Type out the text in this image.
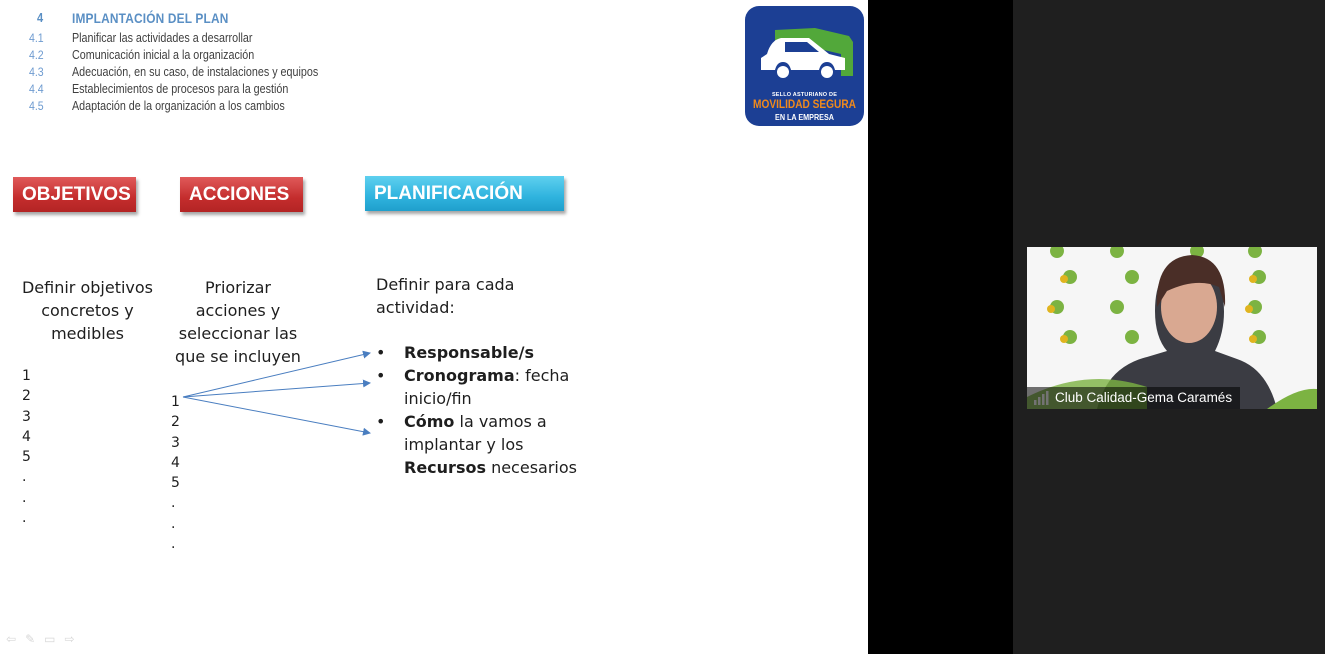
4 IMPLANTACIÓN DEL PLAN
4.1 Planificar las actividades a desarrollar
4.2 Comunicación inicial a la organización
4.3 Adecuación, en su caso, de instalaciones y equipos
4.4 Establecimientos de procesos para la gestión
4.5 Adaptación de la organización a los cambios
SELLO ASTURIANO DE
MOVILIDAD SEGURA
EN LA EMPRESA
OBJETIVOS	ACCIONES	PLANIFICACIÓN
Definir objetivos
concretos y
medibles
1
2
3
4
5
.
.
.
Priorizar
acciones y
seleccionar las
que se incluyen
1
2
3
4
5
.
.
.
Definir para cada
actividad:
• Responsable/s
• Cronograma: fecha inicio/fin
• Cómo la vamos a implantar y los Recursos necesarios
⇦✎▭⇨
Club Calidad-Gema Caramés
